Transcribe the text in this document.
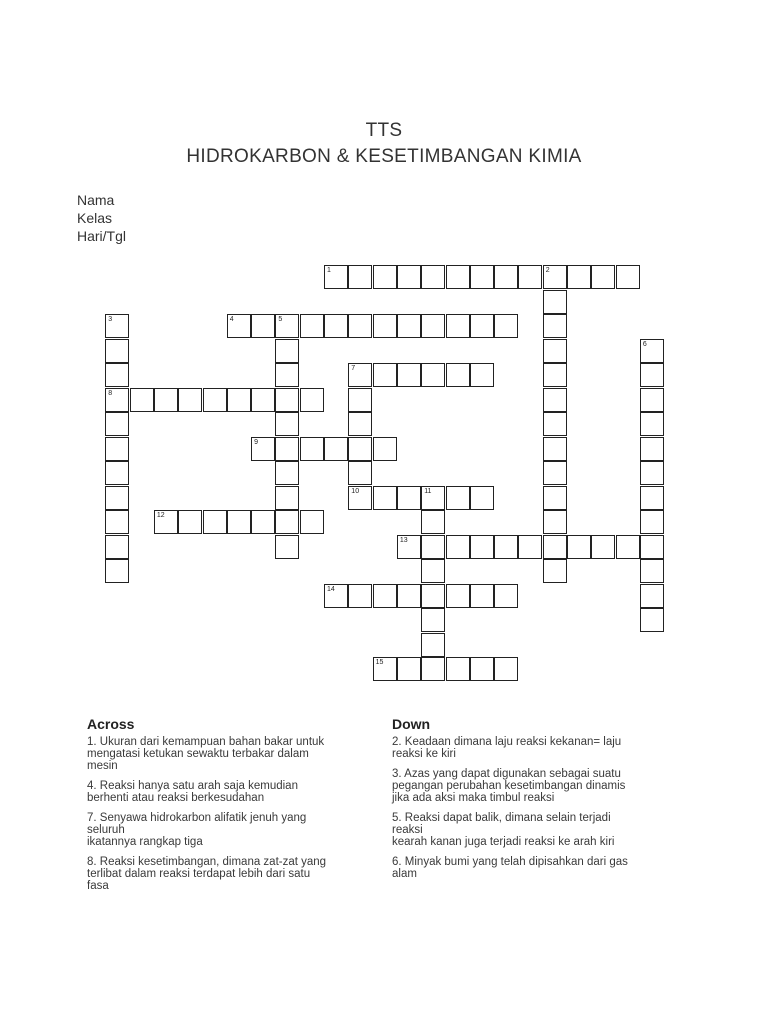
TTS
HIDROKARBON & KESETIMBANGAN KIMIA
Nama
Kelas
Hari/Tgl
1	2
4	5
7
8
9
10	11
12
13
14
15
3
6
Across
1. Ukuran dari kemampuan bahan bakar untuk
mengatasi ketukan sewaktu terbakar dalam
mesin
4. Reaksi hanya satu arah saja kemudian
berhenti atau reaksi berkesudahan
7. Senyawa hidrokarbon alifatik jenuh yang
seluruh
ikatannya rangkap tiga
8. Reaksi kesetimbangan, dimana zat-zat yang
terlibat dalam reaksi terdapat lebih dari satu
fasa
Down
2. Keadaan dimana laju reaksi kekanan= laju
reaksi ke kiri
3. Azas yang dapat digunakan sebagai suatu
pegangan perubahan kesetimbangan dinamis
jika ada aksi maka timbul reaksi
5. Reaksi dapat balik, dimana selain terjadi
reaksi
kearah kanan juga terjadi reaksi ke arah kiri
6. Minyak bumi yang telah dipisahkan dari gas
alam
